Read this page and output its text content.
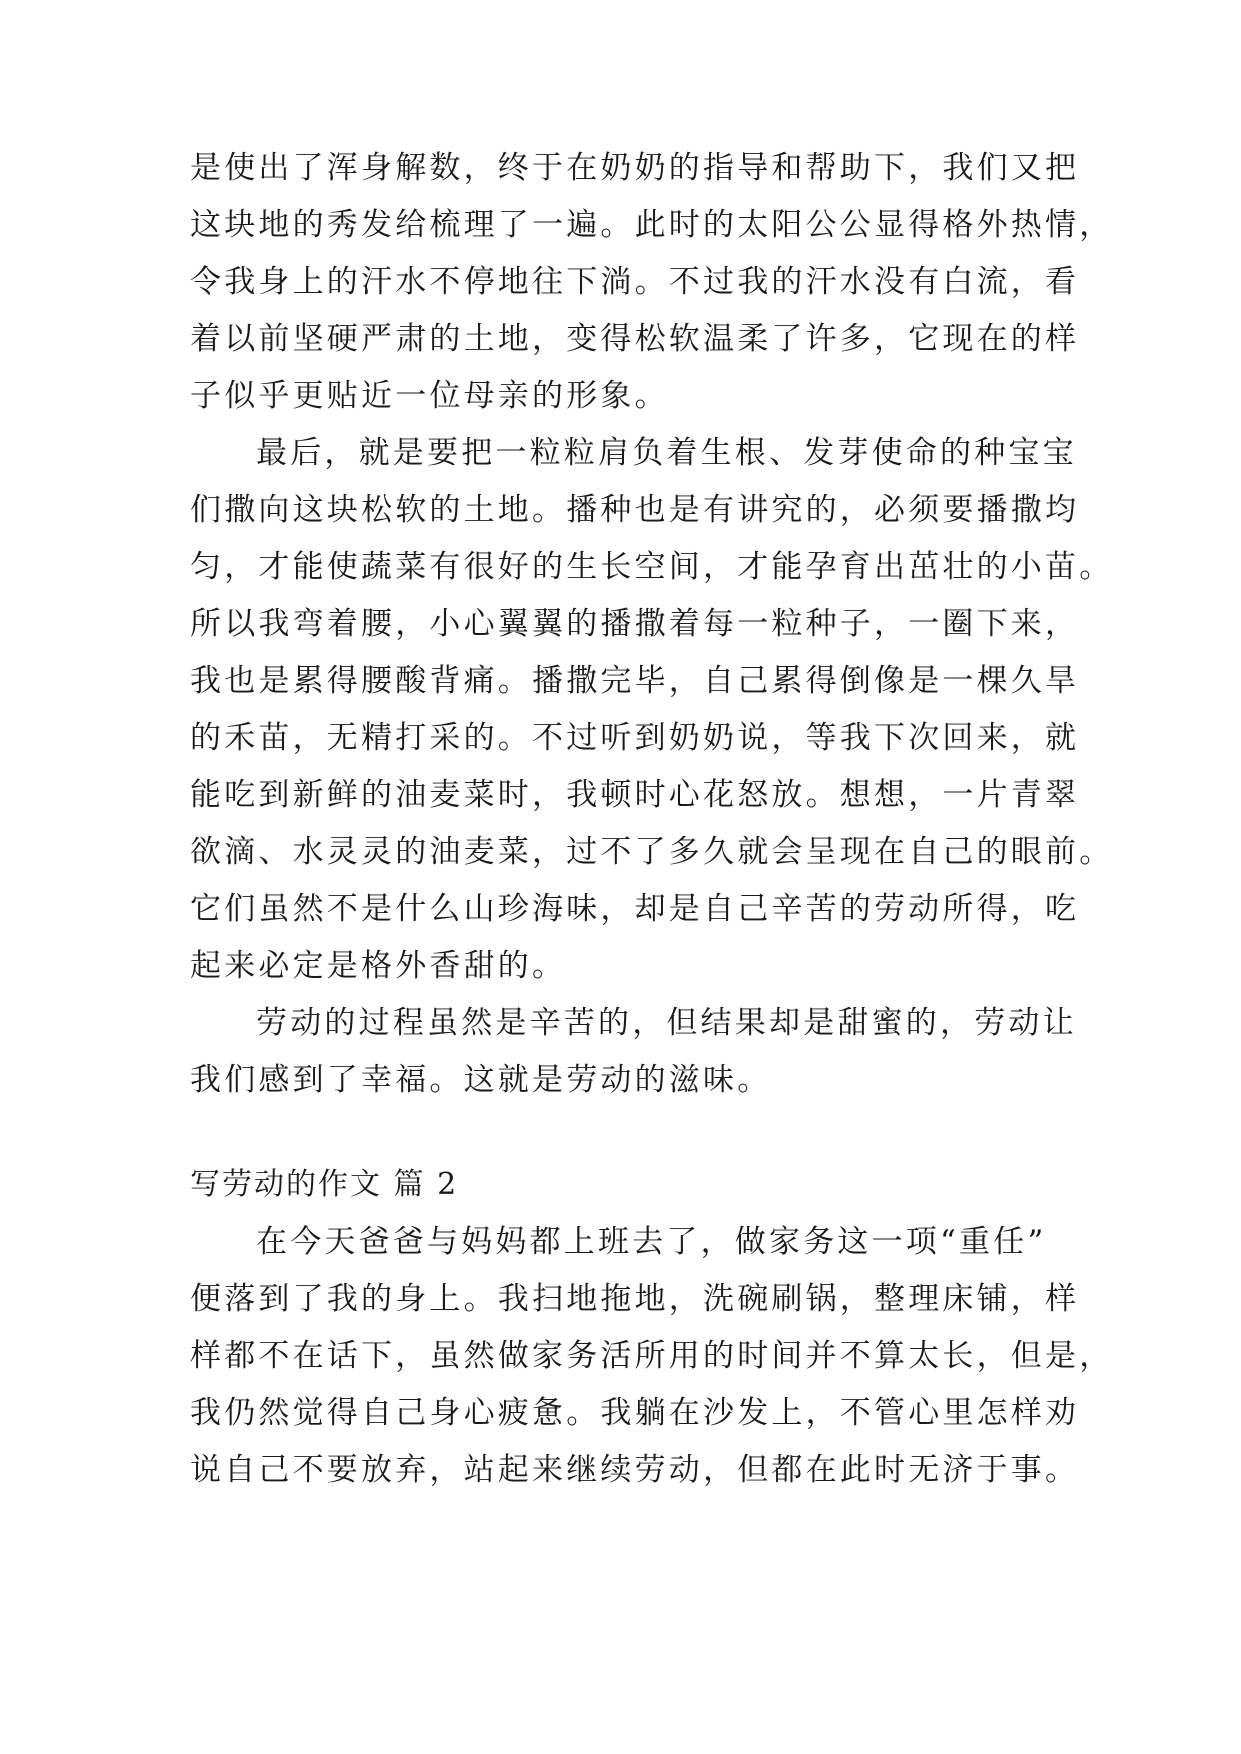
是使出了浑身解数，终于在奶奶的指导和帮助下，我们又把
这块地的秀发给梳理了一遍。此时的太阳公公显得格外热情，
令我身上的汗水不停地往下淌。不过我的汗水没有白流，看
着以前坚硬严肃的土地，变得松软温柔了许多，它现在的样
子似乎更贴近一位母亲的形象。
最后，就是要把一粒粒肩负着生根、发芽使命的种宝宝
们撒向这块松软的土地。播种也是有讲究的，必须要播撒均
匀，才能使蔬菜有很好的生长空间，才能孕育出茁壮的小苗。
所以我弯着腰，小心翼翼的播撒着每一粒种子，一圈下来，
我也是累得腰酸背痛。播撒完毕，自己累得倒像是一棵久旱
的禾苗，无精打采的。不过听到奶奶说，等我下次回来，就
能吃到新鲜的油麦菜时，我顿时心花怒放。想想，一片青翠
欲滴、水灵灵的油麦菜，过不了多久就会呈现在自己的眼前。
它们虽然不是什么山珍海味，却是自己辛苦的劳动所得，吃
起来必定是格外香甜的。
劳动的过程虽然是辛苦的，但结果却是甜蜜的，劳动让
我们感到了幸福。这就是劳动的滋味。
写劳动的作文 篇 2
在今天爸爸与妈妈都上班去了，做家务这一项“重任”
便落到了我的身上。我扫地拖地，洗碗刷锅，整理床铺，样
样都不在话下，虽然做家务活所用的时间并不算太长，但是，
我仍然觉得自己身心疲惫。我躺在沙发上，不管心里怎样劝
说自己不要放弃，站起来继续劳动，但都在此时无济于事。
